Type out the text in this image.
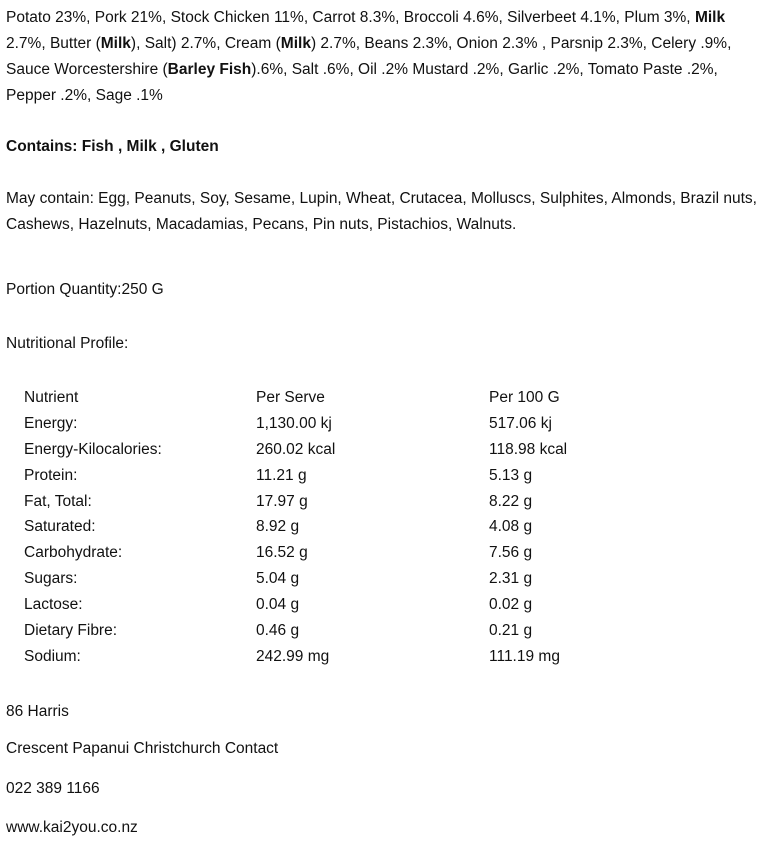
Potato 23%, Pork 21%, Stock Chicken 11%, Carrot 8.3%, Broccoli 4.6%, Silverbeet 4.1%, Plum 3%, Milk 2.7%, Butter (Milk), Salt) 2.7%, Cream (Milk) 2.7%, Beans 2.3%, Onion 2.3% , Parsnip 2.3%, Celery .9%, Sauce Worcestershire (Barley Fish).6%, Salt .6%, Oil .2% Mustard .2%, Garlic .2%, Tomato Paste .2%, Pepper .2%, Sage .1%
Contains: Fish , Milk , Gluten
May contain: Egg, Peanuts, Soy, Sesame, Lupin, Wheat, Crutacea, Molluscs, Sulphites, Almonds, Brazil nuts, Cashews, Hazelnuts, Macadamias, Pecans, Pin nuts, Pistachios, Walnuts.
Portion Quantity:250 G
Nutritional Profile:
Nutrient	Per Serve	Per 100 G
Energy:	1,130.00 kj	517.06 kj
Energy-Kilocalories:	260.02 kcal	118.98 kcal
Protein:	11.21 g	5.13 g
Fat, Total:	17.97 g	8.22 g
Saturated:	8.92 g	4.08 g
Carbohydrate:	16.52 g	7.56 g
Sugars:	5.04 g	2.31 g
Lactose:	0.04 g	0.02 g
Dietary Fibre:	0.46 g	0.21 g
Sodium:	242.99 mg	111.19 mg
86 Harris
Crescent Papanui Christchurch Contact
022 389 1166
www.kai2you.co.nz
